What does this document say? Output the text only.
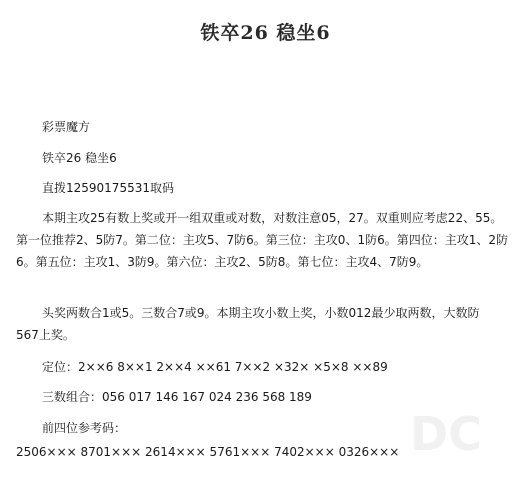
铁卒26 稳坐6
彩票魔方
铁卒26 稳坐6
直拨12590175531取码
本期主攻25有数上奖或开一组双重或对数，对数注意05，27。双重则应考虑22、55。第一位推荐2、5防7。第二位：主攻5、7防6。第三位：主攻0、1防6。第四位：主攻1、2防6。第五位：主攻1、3防9。第六位：主攻2、5防8。第七位：主攻4、7防9。
头奖两数合1或5。三数合7或9。本期主攻小数上奖，小数012最少取两数，大数防567上奖。
定位：2××6 8××1 2××4 ××61 7××2 ×32× ×5×8 ××89
三数组合：056 017 146 167 024 236 568 189
前四位参考码：
2506××× 8701××× 2614××× 5761××× 7402××× 0326××× DC
